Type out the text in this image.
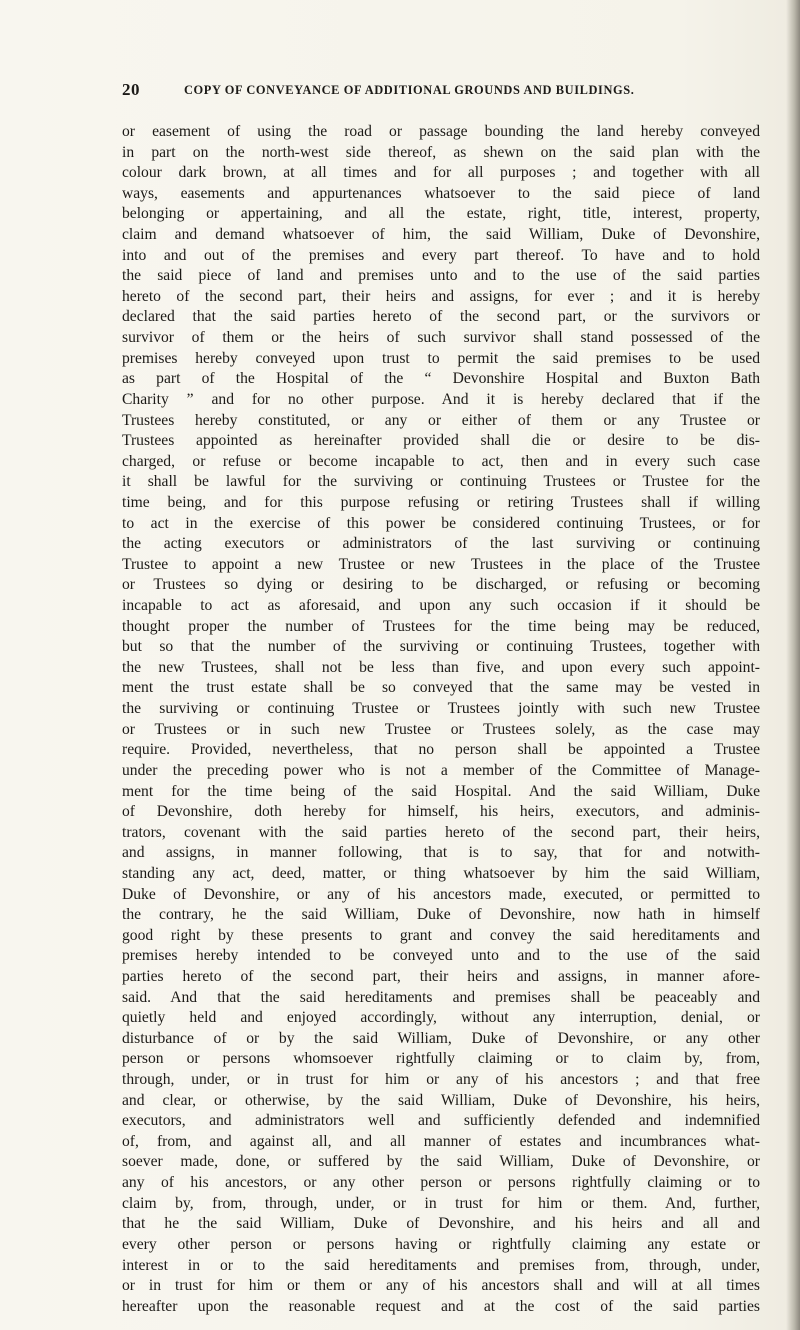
20	COPY OF CONVEYANCE OF ADDITIONAL GROUNDS AND BUILDINGS.
or easement of using the road or passage bounding the land hereby conveyed
in part on the north-west side thereof, as shewn on the said plan with the
colour dark brown, at all times and for all purposes ; and together with all
ways, easements and appurtenances whatsoever to the said piece of land
belonging or appertaining, and all the estate, right, title, interest, property,
claim and demand whatsoever of him, the said William, Duke of Devonshire,
into and out of the premises and every part thereof. To have and to hold
the said piece of land and premises unto and to the use of the said parties
hereto of the second part, their heirs and assigns, for ever ; and it is hereby
declared that the said parties hereto of the second part, or the survivors or
survivor of them or the heirs of such survivor shall stand possessed of the
premises hereby conveyed upon trust to permit the said premises to be used
as part of the Hospital of the “ Devonshire Hospital and Buxton Bath
Charity ” and for no other purpose. And it is hereby declared that if the
Trustees hereby constituted, or any or either of them or any Trustee or
Trustees appointed as hereinafter provided shall die or desire to be dis-
charged, or refuse or become incapable to act, then and in every such case
it shall be lawful for the surviving or continuing Trustees or Trustee for the
time being, and for this purpose refusing or retiring Trustees shall if willing
to act in the exercise of this power be considered continuing Trustees, or for
the acting executors or administrators of the last surviving or continuing
Trustee to appoint a new Trustee or new Trustees in the place of the Trustee
or Trustees so dying or desiring to be discharged, or refusing or becoming
incapable to act as aforesaid, and upon any such occasion if it should be
thought proper the number of Trustees for the time being may be reduced,
but so that the number of the surviving or continuing Trustees, together with
the new Trustees, shall not be less than five, and upon every such appoint-
ment the trust estate shall be so conveyed that the same may be vested in
the surviving or continuing Trustee or Trustees jointly with such new Trustee
or Trustees or in such new Trustee or Trustees solely, as the case may
require. Provided, nevertheless, that no person shall be appointed a Trustee
under the preceding power who is not a member of the Committee of Manage-
ment for the time being of the said Hospital. And the said William, Duke
of Devonshire, doth hereby for himself, his heirs, executors, and adminis-
trators, covenant with the said parties hereto of the second part, their heirs,
and assigns, in manner following, that is to say, that for and notwith-
standing any act, deed, matter, or thing whatsoever by him the said William,
Duke of Devonshire, or any of his ancestors made, executed, or permitted to
the contrary, he the said William, Duke of Devonshire, now hath in himself
good right by these presents to grant and convey the said hereditaments and
premises hereby intended to be conveyed unto and to the use of the said
parties hereto of the second part, their heirs and assigns, in manner afore-
said. And that the said hereditaments and premises shall be peaceably and
quietly held and enjoyed accordingly, without any interruption, denial, or
disturbance of or by the said William, Duke of Devonshire, or any other
person or persons whomsoever rightfully claiming or to claim by, from,
through, under, or in trust for him or any of his ancestors ; and that free
and clear, or otherwise, by the said William, Duke of Devonshire, his heirs,
executors, and administrators well and sufficiently defended and indemnified
of, from, and against all, and all manner of estates and incumbrances what-
soever made, done, or suffered by the said William, Duke of Devonshire, or
any of his ancestors, or any other person or persons rightfully claiming or to
claim by, from, through, under, or in trust for him or them. And, further,
that he the said William, Duke of Devonshire, and his heirs and all and
every other person or persons having or rightfully claiming any estate or
interest in or to the said hereditaments and premises from, through, under,
or in trust for him or them or any of his ancestors shall and will at all times
hereafter upon the reasonable request and at the cost of the said parties
